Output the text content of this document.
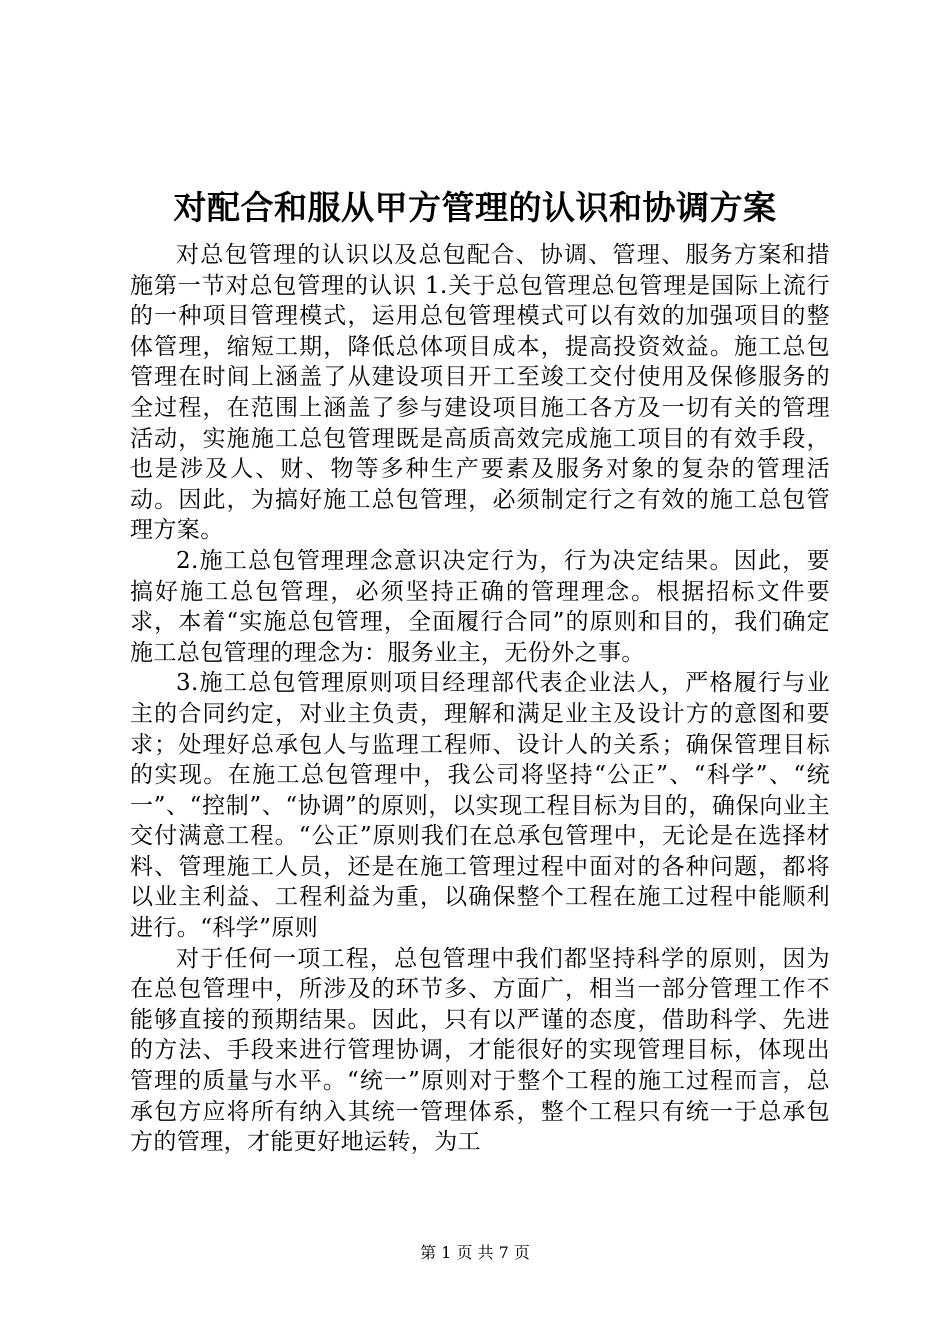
对配合和服从甲方管理的认识和协调方案

对总包管理的认识以及总包配合、协调、管理、服务方案和措施第一节对总包管理的认识 1.关于总包管理总包管理是国际上流行的一种项目管理模式，运用总包管理模式可以有效的加强项目的整体管理，缩短工期，降低总体项目成本，提高投资效益。施工总包管理在时间上涵盖了从建设项目开工至竣工交付使用及保修服务的全过程，在范围上涵盖了参与建设项目施工各方及一切有关的管理活动，实施施工总包管理既是高质高效完成施工项目的有效手段，也是涉及人、财、物等多种生产要素及服务对象的复杂的管理活动。因此，为搞好施工总包管理，必须制定行之有效的施工总包管理方案。

2.施工总包管理理念意识决定行为，行为决定结果。因此，要搞好施工总包管理，必须坚持正确的管理理念。根据招标文件要求，本着“实施总包管理，全面履行合同”的原则和目的，我们确定施工总包管理的理念为：服务业主，无份外之事。

3.施工总包管理原则项目经理部代表企业法人，严格履行与业主的合同约定，对业主负责，理解和满足业主及设计方的意图和要求；处理好总承包人与监理工程师、设计人的关系；确保管理目标的实现。在施工总包管理中，我公司将坚持“公正”、“科学”、“统一”、“控制”、“协调”的原则，以实现工程目标为目的，确保向业主交付满意工程。“公正”原则我们在总承包管理中，无论是在选择材料、管理施工人员，还是在施工管理过程中面对的各种问题，都将以业主利益、工程利益为重，以确保整个工程在施工过程中能顺利进行。“科学”原则

对于任何一项工程，总包管理中我们都坚持科学的原则，因为在总包管理中，所涉及的环节多、方面广，相当一部分管理工作不能够直接的预期结果。因此，只有以严谨的态度，借助科学、先进的方法、手段来进行管理协调，才能很好的实现管理目标，体现出管理的质量与水平。“统一”原则对于整个工程的施工过程而言，总承包方应将所有纳入其统一管理体系，整个工程只有统一于总承包方的管理，才能更好地运转，为工

第 1 页 共 7 页
